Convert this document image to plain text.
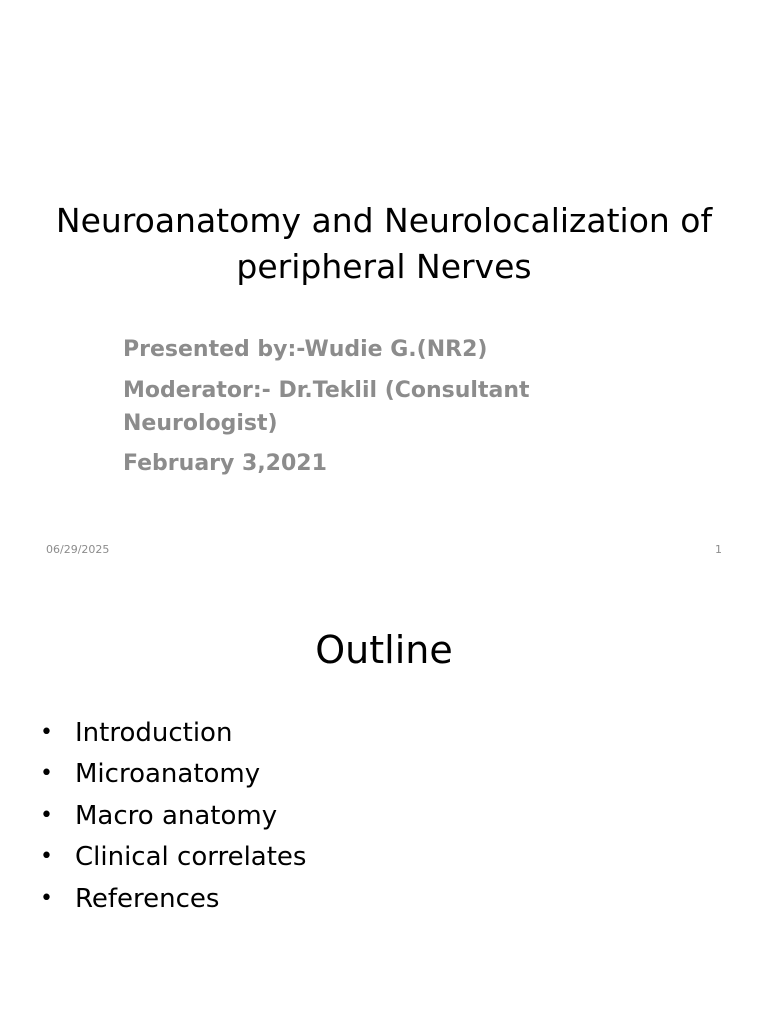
Neuroanatomy and Neurolocalization of peripheral Nerves
Presented by:-Wudie G.(NR2)
Moderator:- Dr.Teklil (Consultant Neurologist)
February 3,2021
06/29/2025	1
Outline
• Introduction
• Microanatomy
• Macro anatomy
• Clinical correlates
• References
